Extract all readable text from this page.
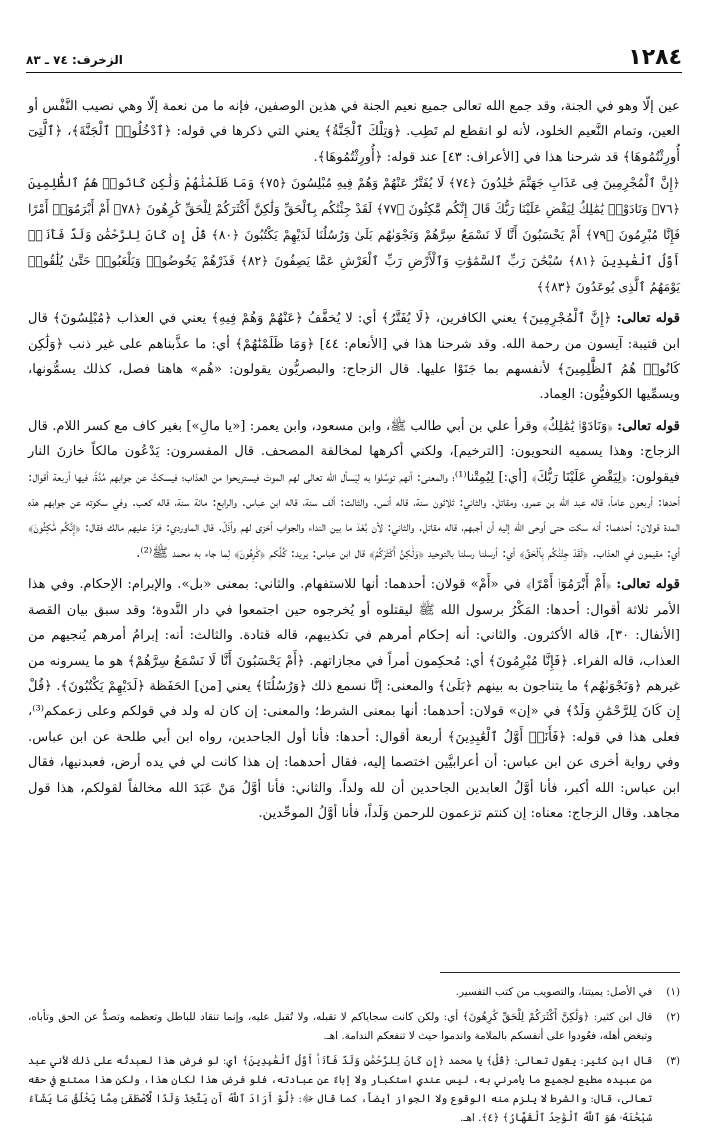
الزخرف: ٧٤ ـ ٨٣	١٢٨٤

عين إلّا وهو في الجنة، وقد جمع الله تعالى جميع نعيم الجنة في هذين الوصفين، فإنه ما من نعمة إلّا وهي نصيب النَّفْس أو العين، وتمام النَّعيم الخلود، لأنه لو انقطع لم تَطِب. ﴿وَتِلْكَ ٱلْجَنَّةُ﴾ يعني التي ذكرها في قوله: ﴿ٱدْخُلُوا۟ ٱلْجَنَّةَ﴾، ﴿ٱلَّتِىٓ أُورِثْتُمُوهَا﴾ قد شرحنا هذا في [الأعراف: ٤٣] عند قوله: ﴿أُورِثْتُمُوهَا﴾.

﴿إِنَّ ٱلْمُجْرِمِينَ فِى عَذَابِ جَهَنَّمَ خَٰلِدُونَ ﴿٧٤﴾ لَا يُفَتَّرُ عَنْهُمْ وَهُمْ فِيهِ مُبْلِسُونَ ﴿٧٥﴾ وَمَا ظَلَمْنَٰهُمْ وَلَٰكِن كَانُوا۟ هُمُ ٱلظَّٰلِمِينَ ﴿٧٦﴾ وَنَادَوْا۟ يَٰمَٰلِكُ لِيَقْضِ عَلَيْنَا رَبُّكَ قَالَ إِنَّكُم مَّٰكِثُونَ ﴿٧٧﴾ لَقَدْ جِئْنَٰكُم بِٱلْحَقِّ وَلَٰكِنَّ أَكْثَرَكُمْ لِلْحَقِّ كَٰرِهُونَ ﴿٧٨﴾ أَمْ أَبْرَمُوٓا۟ أَمْرًا فَإِنَّا مُبْرِمُونَ ﴿٧٩﴾ أَمْ يَحْسَبُونَ أَنَّا لَا نَسْمَعُ سِرَّهُمْ وَنَجْوَىٰهُم بَلَىٰ وَرُسُلُنَا لَدَيْهِمْ يَكْتُبُونَ ﴿٨٠﴾ قُلْ إِن كَانَ لِلرَّحْمَٰنِ وَلَدٌ فَأَنَا۠ أَوَّلُ ٱلْعَٰبِدِينَ ﴿٨١﴾ سُبْحَٰنَ رَبِّ ٱلسَّمَٰوَٰتِ وَٱلْأَرْضِ رَبِّ ٱلْعَرْشِ عَمَّا يَصِفُونَ ﴿٨٢﴾ فَذَرْهُمْ يَخُوضُوا۟ وَيَلْعَبُوا۟ حَتَّىٰ يُلَٰقُوا۟ يَوْمَهُمُ ٱلَّذِى يُوعَدُونَ ﴿٨٣﴾﴾

قوله تعالى: ﴿إِنَّ ٱلْمُجْرِمِينَ﴾ يعني الكافرين، ﴿لَا يُفَتَّرُ﴾ أي: لا يُخفَّفُ ﴿عَنْهُمْ وَهُمْ فِيهِ﴾ يعني في العذاب ﴿مُبْلِسُونَ﴾ قال ابن قتيبة: آيسون من رحمة الله. وقد شرحنا هذا في [الأنعام: ٤٤] ﴿وَمَا ظَلَمْنَٰهُمْ﴾ أي: ما عذَّبناهم على غير ذنب ﴿وَلَٰكِن كَانُوا۟ هُمُ ٱلظَّٰلِمِينَ﴾ لأنفسهم بما جَنَوْا عليها. قال الزجاج: والبصريُّون يقولون: «هُم» هاهنا فصل، كذلك يسمُّونها، ويسمِّيها الكوفيُّون: العِماد.

قوله تعالى: ﴿وَنَادَوْا۟ يَٰمَٰلِكُ﴾ وقرأ علي بن أبي طالب ﷺ، وابن مسعود، وابن يعمر: [«يا مالِ»] بغير كاف مع كسر اللام. قال الزجاج: وهذا يسميه النحويون: [الترخيم]، ولكني أكرهها لمخالفة المصحف. قال المفسرون: يَدْعُون مالكاً خازنَ النار فيقولون: ﴿لِيَقْضِ عَلَيْنَا رَبُّكَ﴾ [أي:] لِيُمِتْنا⁽¹⁾؛ والمعنى: أنهم توسَّلوا به لِيَسأل الله تعالى لهم الموتَ فيستريحوا من العذاب؛ فيسكتُ عن جوابهم مُدَّةً، فيها أربعة أقوال: أحدها: أربعون عاماً، قاله عبد الله بن عمرو، ومقاتل. والثاني: ثلاثون سنة، قاله أنس. والثالث: ألف سنة، قاله ابن عباس. والرابع: مائة سنة، قاله كعب. وفي سكوته عن جوابهم هذه المدة قولان: أحدهما: أنه سكت حتى أوحى الله إليه أن أجبهم، قاله مقاتل. والثاني: لأن بُعْدَ ما بين النداء والجواب أخزى لهم وأذَلّ. قال الماوردي: فرَدّ عليهم مالك فقال: ﴿إِنَّكُم مَّٰكِثُونَ﴾ أي: مقيمون في العذاب. ﴿لَقَدْ جِئْنَٰكُم بِٱلْحَقِّ﴾ أي: أرسلنا رسلنا بالتوحيد ﴿وَلَٰكِنَّ أَكْثَرَكُمْ﴾ قال ابن عباس: يريد: كُلَّكم ﴿كَٰرِهُونَ﴾ لِما جاء به محمد ﷺ⁽²⁾.

قوله تعالى: ﴿أَمْ أَبْرَمُوٓا۟ أَمْرًا﴾ في «أَمْ» قولان: أحدهما: أنها للاستفهام. والثاني: بمعنى «بل». والإبرام: الإحكام. وفي هذا الأمر ثلاثة أقوال: أحدها: المَكْرُ برسول الله ﷺ ليقتلوه أو يُخرجوه حين اجتمعوا في دار النَّدوة؛ وقد سبق بيان القصة [الأنفال: ٣٠]، قاله الأكثرون. والثاني: أنه إحكام أمرهم في تكذيبهم، قاله قتادة. والثالث: أنه: إبرامُ أمرهم يُنجيهم من العذاب، قاله الفراء. ﴿فَإِنَّا مُبْرِمُونَ﴾ أي: مُحكِمون أمراً في مجازاتهم. ﴿أَمْ يَحْسَبُونَ أَنَّا لَا نَسْمَعُ سِرَّهُمْ﴾ هو ما يسرونه من غيرهم ﴿وَنَجْوَىٰهُم﴾ ما يتناجون به بينهم ﴿بَلَىٰ﴾ والمعنى: إنَّا نسمع ذلك ﴿وَرُسُلُنَا﴾ يعني [من] الحَفَظة ﴿لَدَيْهِمْ يَكْتُبُونَ﴾. ﴿قُلْ إِن كَانَ لِلرَّحْمَٰنِ وَلَدٌ﴾ في «إن» قولان: أحدهما: أنها بمعنى الشرط؛ والمعنى: إن كان له ولد في قولكم وعلى زعمكم⁽³⁾، فعلى هذا في قوله: ﴿فَأَنَا۠ أَوَّلُ ٱلْعَٰبِدِينَ﴾ أربعة أقوال: أحدها: فأنا أول الجاحدين، رواه ابن أبي طلحة عن ابن عباس. وفي رواية أخرى عن ابن عباس: أن أعرابيَّين اختصما إليه، فقال أحدهما: إن هذا كانت لي في يده أرض، فعبدنيها، فقال ابن عباس: الله أكبر، فأنا أوَّلُ العابدين الجاحدين أن لله ولداً. والثاني: فأنا أوَّلُ مَنْ عَبَدَ الله مخالفاً لقولكم، هذا قول مجاهد. وقال الزجاج: معناه: إن كنتم تزعمون للرحمن وَلَداً، فأنا أوَّلُ الموحِّدين.

(١)
في الأصل: يميتنا، والتصويب من كتب التفسير.
(٢)
قال ابن كثير: ﴿وَلَٰكِنَّ أَكْثَرَكُمْ لِلْحَقِّ كَٰرِهُونَ﴾ أي: ولكن كانت سجاياكم لا تقبله، ولا تُقبل عليه، وإنما تنقاد للباطل وتعظمه وتصدُّ عن الحق وتأباه، وتبغض أهله، فعُودوا على أنفسكم بالملامة واندموا حيث لا تنفعكم الندامة. اهـ.
(٣)
قال ابن كثير: يقول تعالى: ﴿قُلْ﴾ يا محمد ﴿إِن كَانَ لِلرَّحْمَٰنِ وَلَدٌ فَأَنَا۠ أَوَّلُ ٱلْعَٰبِدِينَ﴾ أي: لو فرض هذا لعبدتُه على ذلك لأني عبد من عبيده مطيع لجميع ما يأمرني به، ليس عندي استكبار ولا إباءٌ عن عبادته، فلو فرض هذا لكان هذا، ولكن هذا ممتنع في حقه تعالى، قال: والشرط لا يلزم منه الوقوع ولا الجواز أيضاً، كما قال ﷻ: ﴿لَّوْ أَرَادَ ٱللَّهُ أَن يَتَّخِذَ وَلَدًا لَّٱصْطَفَىٰ مِمَّا يَخْلُقُ مَا يَشَآءُ سُبْحَٰنَهُۥ هُوَ ٱللَّهُ ٱلْوَٰحِدُ ٱلْقَهَّارُ﴾ ﴿٤﴾. اهـ.
